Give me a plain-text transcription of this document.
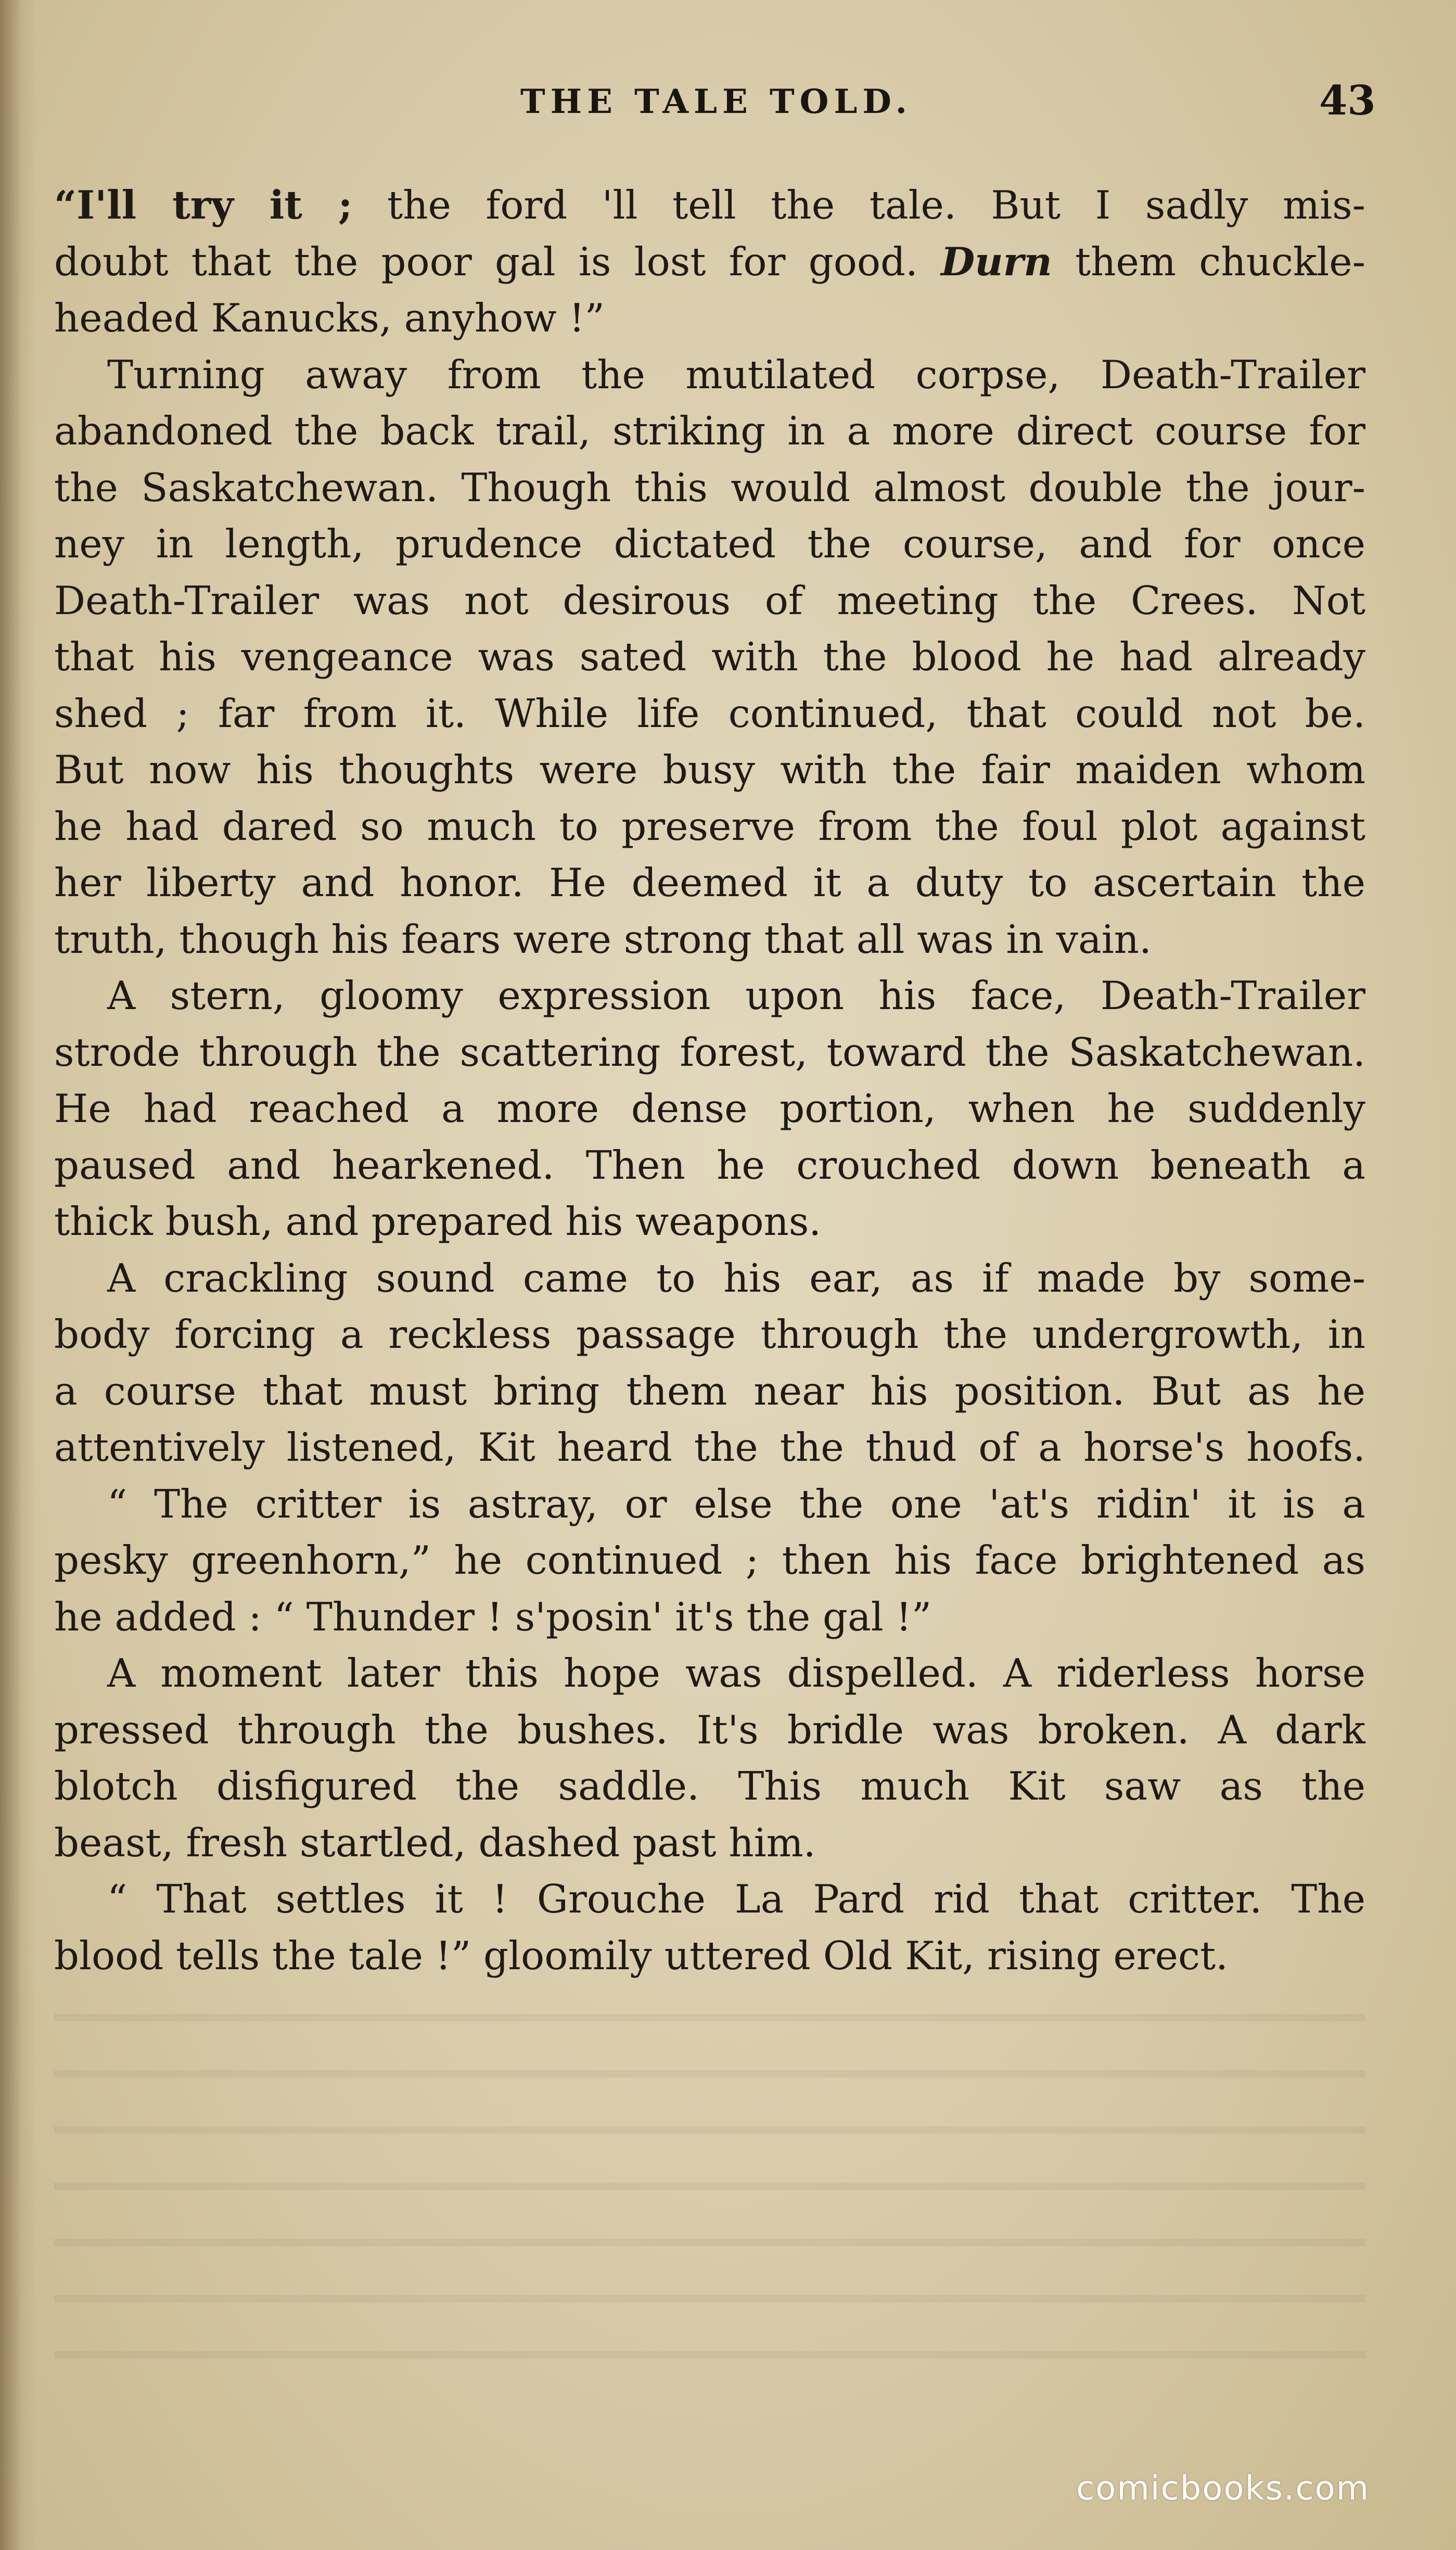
THE TALE TOLD.	43
“I'll try it ; the ford 'll tell the tale. But I sadly mis-
doubt that the poor gal is lost for good. Durn them chuckle-
headed Kanucks, anyhow !”
Turning away from the mutilated corpse, Death-Trailer
abandoned the back trail, striking in a more direct course for
the Saskatchewan. Though this would almost double the jour-
ney in length, prudence dictated the course, and for once
Death-Trailer was not desirous of meeting the Crees. Not
that his vengeance was sated with the blood he had already
shed ; far from it. While life continued, that could not be.
But now his thoughts were busy with the fair maiden whom
he had dared so much to preserve from the foul plot against
her liberty and honor. He deemed it a duty to ascertain the
truth, though his fears were strong that all was in vain.
A stern, gloomy expression upon his face, Death-Trailer
strode through the scattering forest, toward the Saskatchewan.
He had reached a more dense portion, when he suddenly
paused and hearkened. Then he crouched down beneath a
thick bush, and prepared his weapons.
A crackling sound came to his ear, as if made by some-
body forcing a reckless passage through the undergrowth, in
a course that must bring them near his position. But as he
attentively listened, Kit heard the the thud of a horse's hoofs.
“ The critter is astray, or else the one 'at's ridin' it is a
pesky greenhorn,” he continued ; then his face brightened as
he added : “ Thunder ! s'posin' it's the gal !”
A moment later this hope was dispelled. A riderless horse
pressed through the bushes. It's bridle was broken. A dark
blotch disfigured the saddle. This much Kit saw as the
beast, fresh startled, dashed past him.
“ That settles it ! Grouche La Pard rid that critter. The
blood tells the tale !” gloomily uttered Old Kit, rising erect.
comicbooks.com
